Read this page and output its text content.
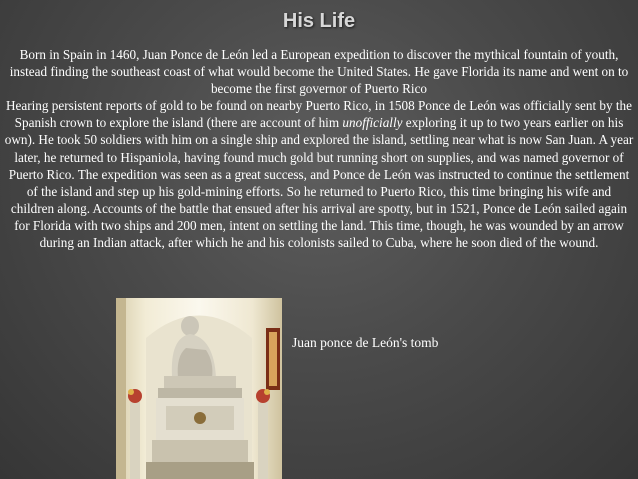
His Life

Born in Spain in 1460, Juan Ponce de León led a European expedition to discover the mythical fountain of youth, instead finding the southeast coast of what would become the United States. He gave Florida its name and went on to become the first governor of Puerto Rico

Hearing persistent reports of gold to be found on nearby Puerto Rico, in 1508 Ponce de León was officially sent by the Spanish crown to explore the island (there are account of him unofficially exploring it up to two years earlier on his own). He took 50 soldiers with him on a single ship and explored the island, settling near what is now San Juan. A year later, he returned to Hispaniola, having found much gold but running short on supplies, and was named governor of Puerto Rico. The expedition was seen as a great success, and Ponce de León was instructed to continue the settlement of the island and step up his gold-mining efforts. So he returned to Puerto Rico, this time bringing his wife and children along. Accounts of the battle that ensued after his arrival are spotty, but in 1521, Ponce de León sailed again for Florida with two ships and 200 men, intent on settling the land. This time, though, he was wounded by an arrow during an Indian attack, after which he and his colonists sailed to Cuba, where he soon died of the wound.

Juan ponce de León's tomb
